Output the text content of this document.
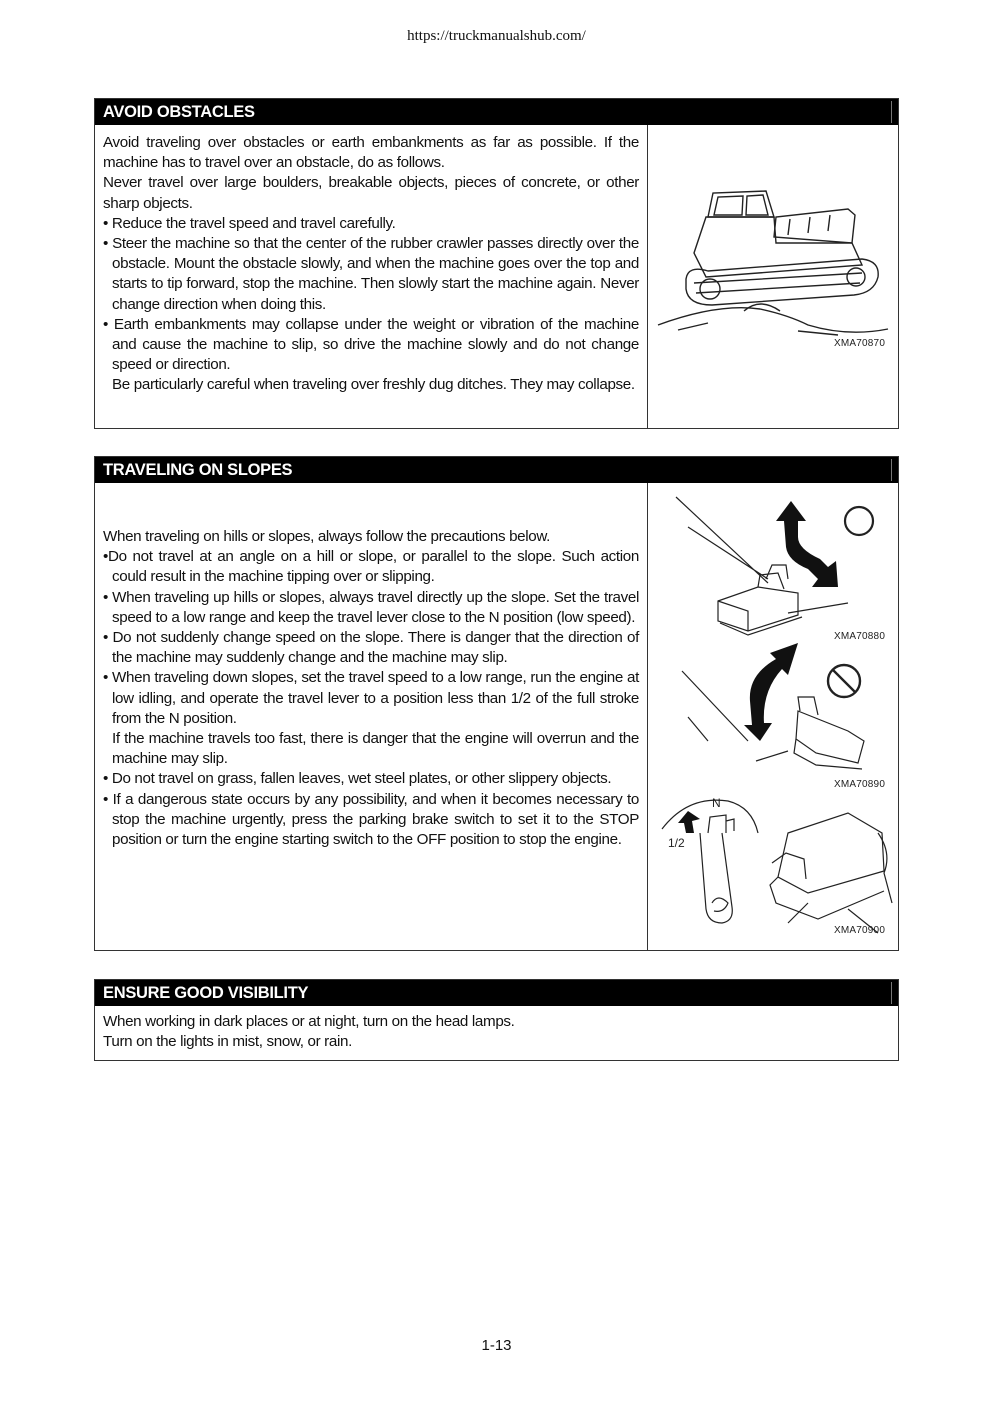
https://truckmanualshub.com/
AVOID OBSTACLES

Avoid traveling over obstacles or earth embankments as far as possible. If the machine has to travel over an obstacle, do as follows.

Never travel over large boulders, breakable objects, pieces of concrete, or other sharp objects.

• Reduce the travel speed and travel carefully.

• Steer the machine so that the center of the rubber crawler passes directly over the obstacle. Mount the obstacle slowly, and when the machine goes over the top and starts to tip forward, stop the machine. Then slowly start the machine again. Never change direction when doing this.

• Earth embankments may collapse under the weight or vibration of the machine and cause the machine to slip, so drive the machine slowly and do not change speed or direction.

Be particularly careful when traveling over freshly dug ditches. They may collapse.

XMA70870
TRAVELING ON SLOPES

When traveling on hills or slopes, always follow the precautions below.

•Do not travel at an angle on a hill or slope, or parallel to the slope. Such action could result in the machine tipping over or slipping.

• When traveling up hills or slopes, always travel directly up the slope. Set the travel speed to a low range and keep the travel lever close to the N position (low speed).

• Do not suddenly change speed on the slope. There is danger that the direction of the machine may suddenly change and the machine may slip.

• When traveling down slopes, set the travel speed to a low range, run the engine at low idling, and operate the travel lever to a position less than 1/2 of the full stroke from the N position.

If the machine travels too fast, there is danger that the engine will overrun and the machine may slip.

• Do not travel on grass, fallen leaves, wet steel plates, or other slippery objects.

• If a dangerous state occurs by any possibility, and when it becomes necessary to stop the machine urgently, press the parking brake switch to set it to the STOP position or turn the engine starting switch to the OFF position to stop the engine.

XMA70880
XMA70890
N
1/2
XMA70900
ENSURE GOOD VISIBILITY

When working in dark places or at night, turn on the head lamps.

Turn on the lights in mist, snow, or rain.

1-13
